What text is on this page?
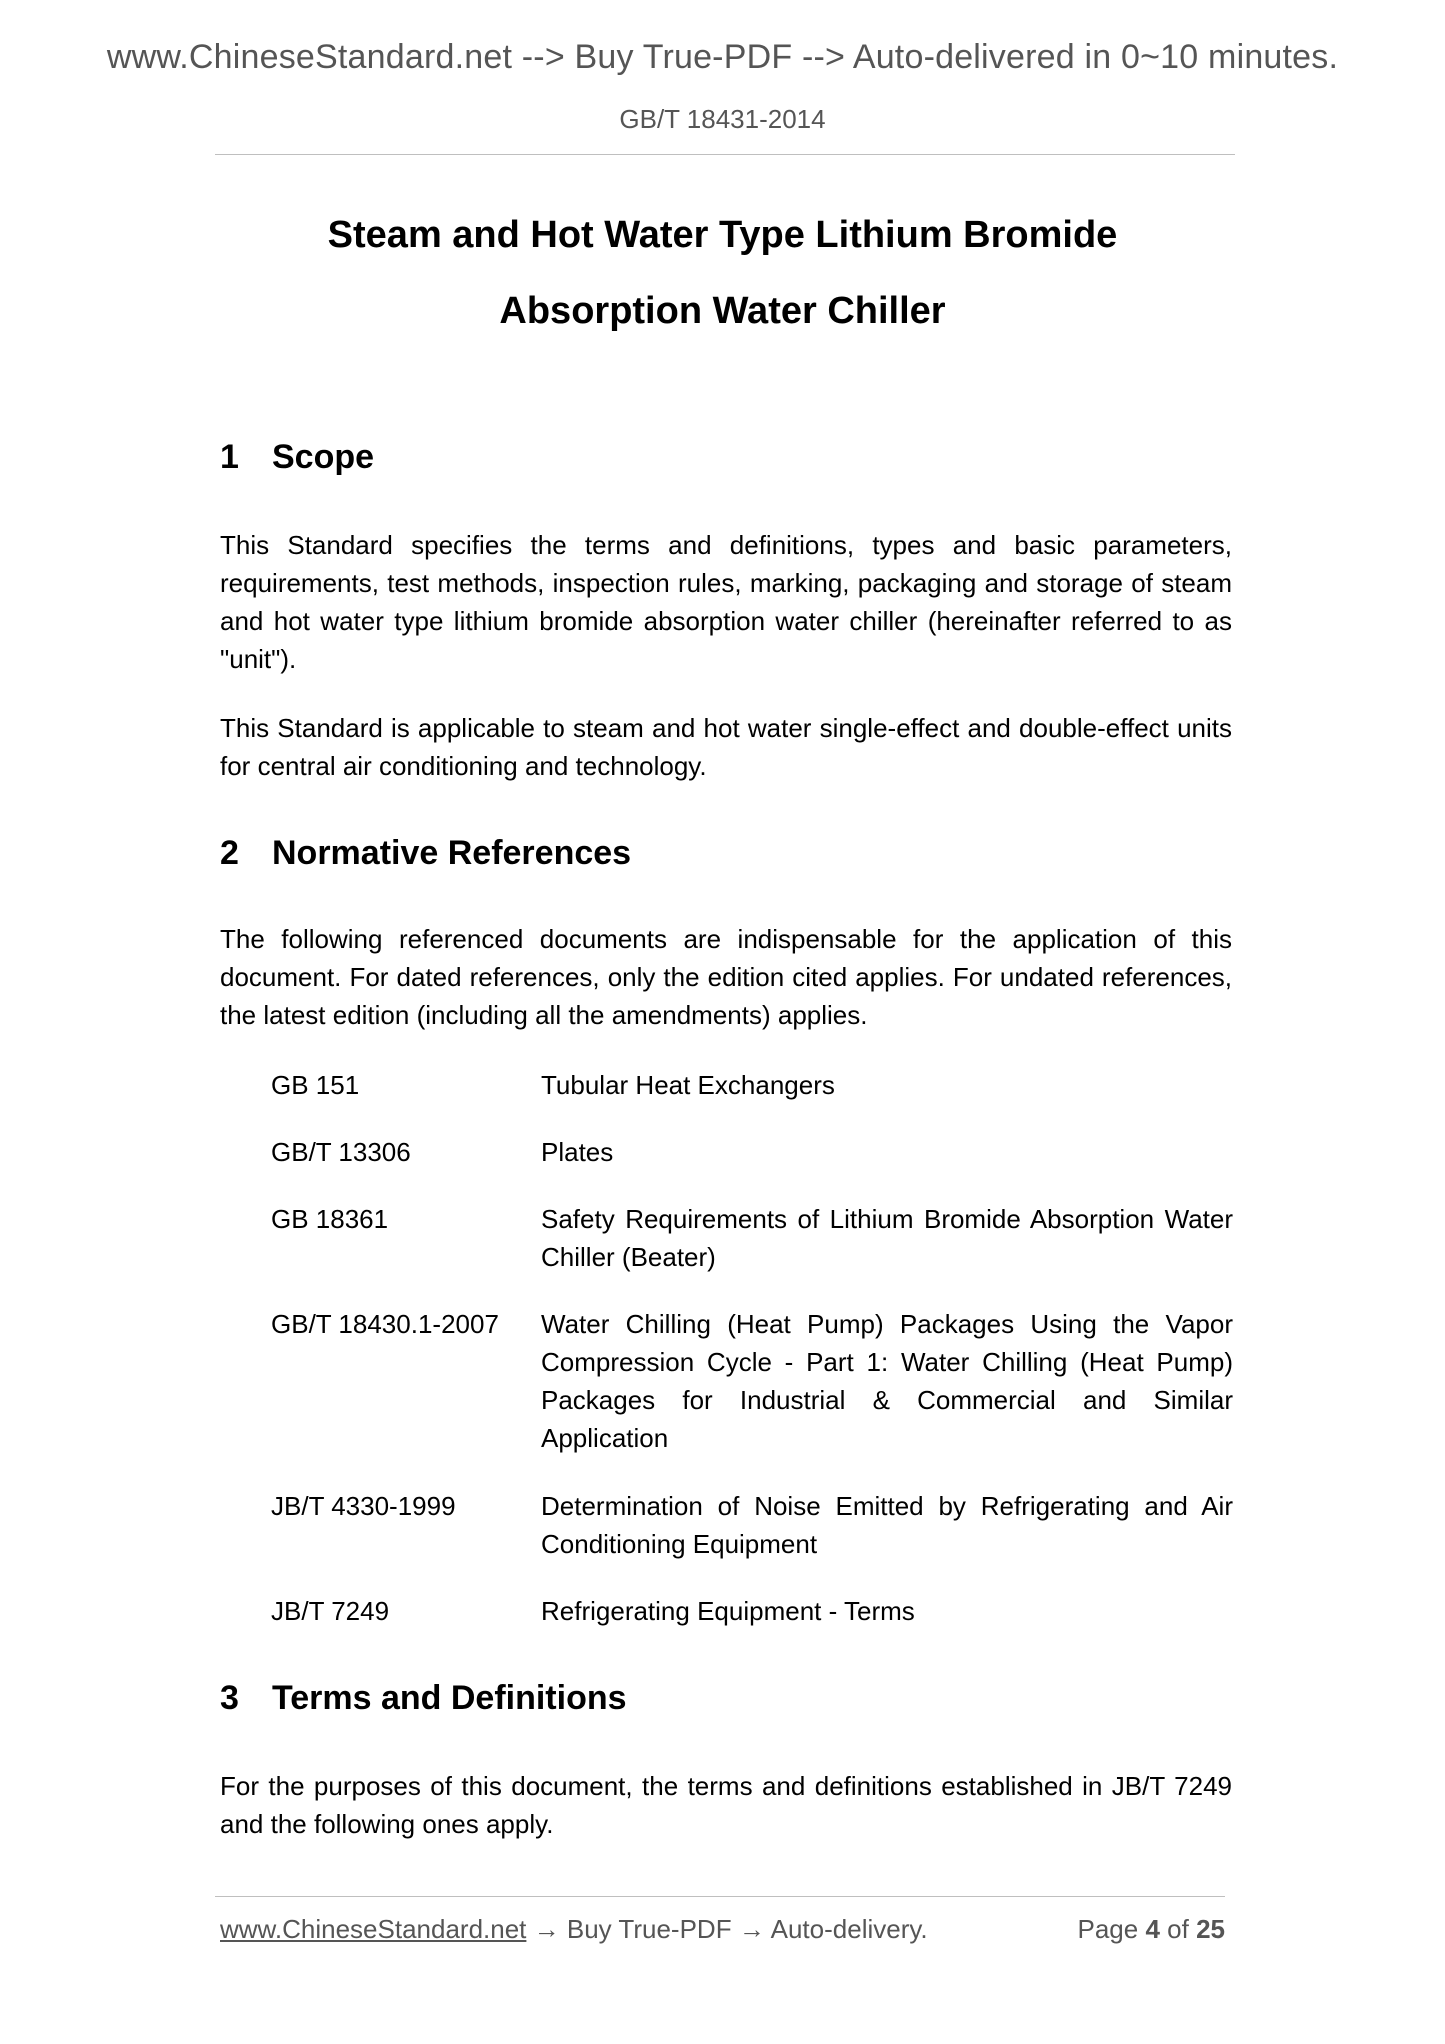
www.ChineseStandard.net --> Buy True-PDF --> Auto-delivered in 0~10 minutes.
GB/T 18431-2014
Steam and Hot Water Type Lithium Bromide
Absorption Water Chiller
1 Scope
This Standard specifies the terms and definitions, types and basic parameters, requirements, test methods, inspection rules, marking, packaging and storage of steam and hot water type lithium bromide absorption water chiller (hereinafter referred to as "unit").
This Standard is applicable to steam and hot water single-effect and double-effect units for central air conditioning and technology.
2 Normative References
The following referenced documents are indispensable for the application of this document. For dated references, only the edition cited applies. For undated references, the latest edition (including all the amendments) applies.
GB 151	Tubular Heat Exchangers
GB/T 13306	Plates
GB 18361	Safety Requirements of Lithium Bromide Absorption Water Chiller (Beater)
GB/T 18430.1-2007 Water Chilling (Heat Pump) Packages Using the Vapor Compression Cycle - Part 1: Water Chilling (Heat Pump) Packages for Industrial & Commercial and Similar Application
JB/T 4330-1999	Determination of Noise Emitted by Refrigerating and Air Conditioning Equipment
JB/T 7249	Refrigerating Equipment - Terms
3 Terms and Definitions
For the purposes of this document, the terms and definitions established in JB/T 7249 and the following ones apply.
www.ChineseStandard.net → Buy True-PDF → Auto-delivery.	Page 4 of 25
